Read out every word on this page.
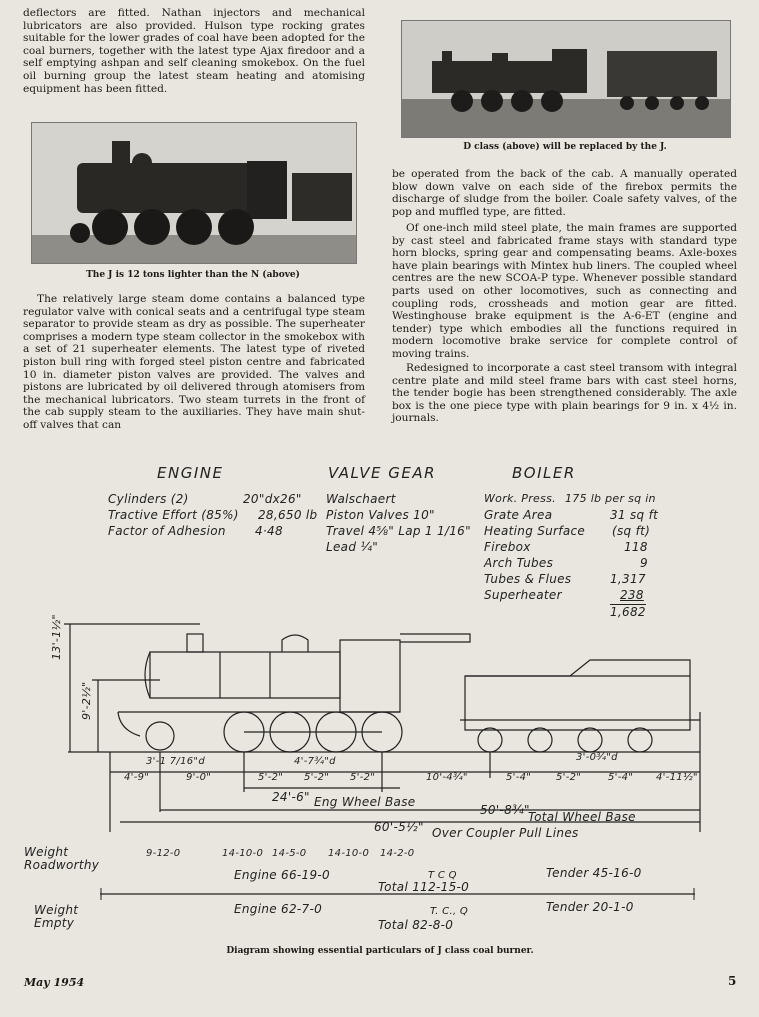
deflectors are fitted. Nathan injectors and mechanical lubricators are also provided. Hulson type rocking grates suitable for the lower grades of coal have been adopted for the coal burners, together with the latest type Ajax firedoor and a self emptying ashpan and self cleaning smokebox. On the fuel oil burning group the latest steam heating and atomising equipment has been fitted.

D class (above) will be replaced by the J.

The J is 12 tons lighter than the N (above)

The relatively large steam dome contains a balanced type regulator valve with conical seats and a centrifugal type steam separator to provide steam as dry as possible. The superheater comprises a modern type steam collector in the smokebox with a set of 21 superheater elements. The latest type of riveted piston bull ring with forged steel piston centre and fabricated 10 in. diameter piston valves are provided. The valves and pistons are lubricated by oil delivered through atomisers from the mechanical lubricators. Two steam turrets in the front of the cab supply steam to the auxiliaries. They have main shut-off valves that can

be operated from the back of the cab. A manually operated blow down valve on each side of the firebox permits the discharge of sludge from the boiler. Coale safety valves, of the pop and muffled type, are fitted.

Of one-inch mild steel plate, the main frames are supported by cast steel and fabricated frame stays with standard type horn blocks, spring gear and compensating beams. Axle-boxes have plain bearings with Mintex hub liners. The coupled wheel centres are the new SCOA-P type. Whenever possible standard parts used on other locomotives, such as connecting and coupling rods, crossheads and motion gear are fitted. Westinghouse brake equipment is the A-6-ET (engine and tender) type which embodies all the functions required in modern locomotive brake service for complete control of moving trains.

Redesigned to incorporate a cast steel transom with integral centre plate and mild steel frame bars with cast steel horns, the tender bogie has been strengthened considerably. The axle box is the one piece type with plain bearings for 9 in. x 4½ in. journals.

ENGINE	VALVE GEAR	BOILER
Cylinders (2)	20"dx26"
Tractive Effort (85%) 28,650 lb
Factor of Adhesion 4·48
Walschaert
Piston Valves 10"
Travel 4⅝" Lap 1 1/16"
Lead ¼"
Work. Press. 175 lb per sq in
Grate Area	31 sq ft
Heating Surface (sq ft)
Firebox	118
Arch Tubes	9
Tubes & Flues	1,317
Superheater	238
1,682
13'-1½"
9'-2½"
3'-1 7/16"d	4'-7¾"d	3'-0¾"d
4'-9"	9'-0"	5'-2" 5'-2" 5'-2"	10'-4¾"	5'-4" 5'-2"	5'-4" 4'-11½"
24'-6" Eng Wheel Base
50'-8¾"
Total Wheel Base
60'-5½" Over Coupler Pull Lines
Weight Roadworthy
9-12-0	14-10-0 14-5-0 14-10-0 14-2-0
Engine 66-19-0	T C Q	Tender 45-16-0
Total 112-15-0
Weight Empty
Engine 62-7-0	T. C., Q	Tender 20-1-0
Total 82-8-0

Diagram showing essential particulars of J class coal burner.

May 1954	5
